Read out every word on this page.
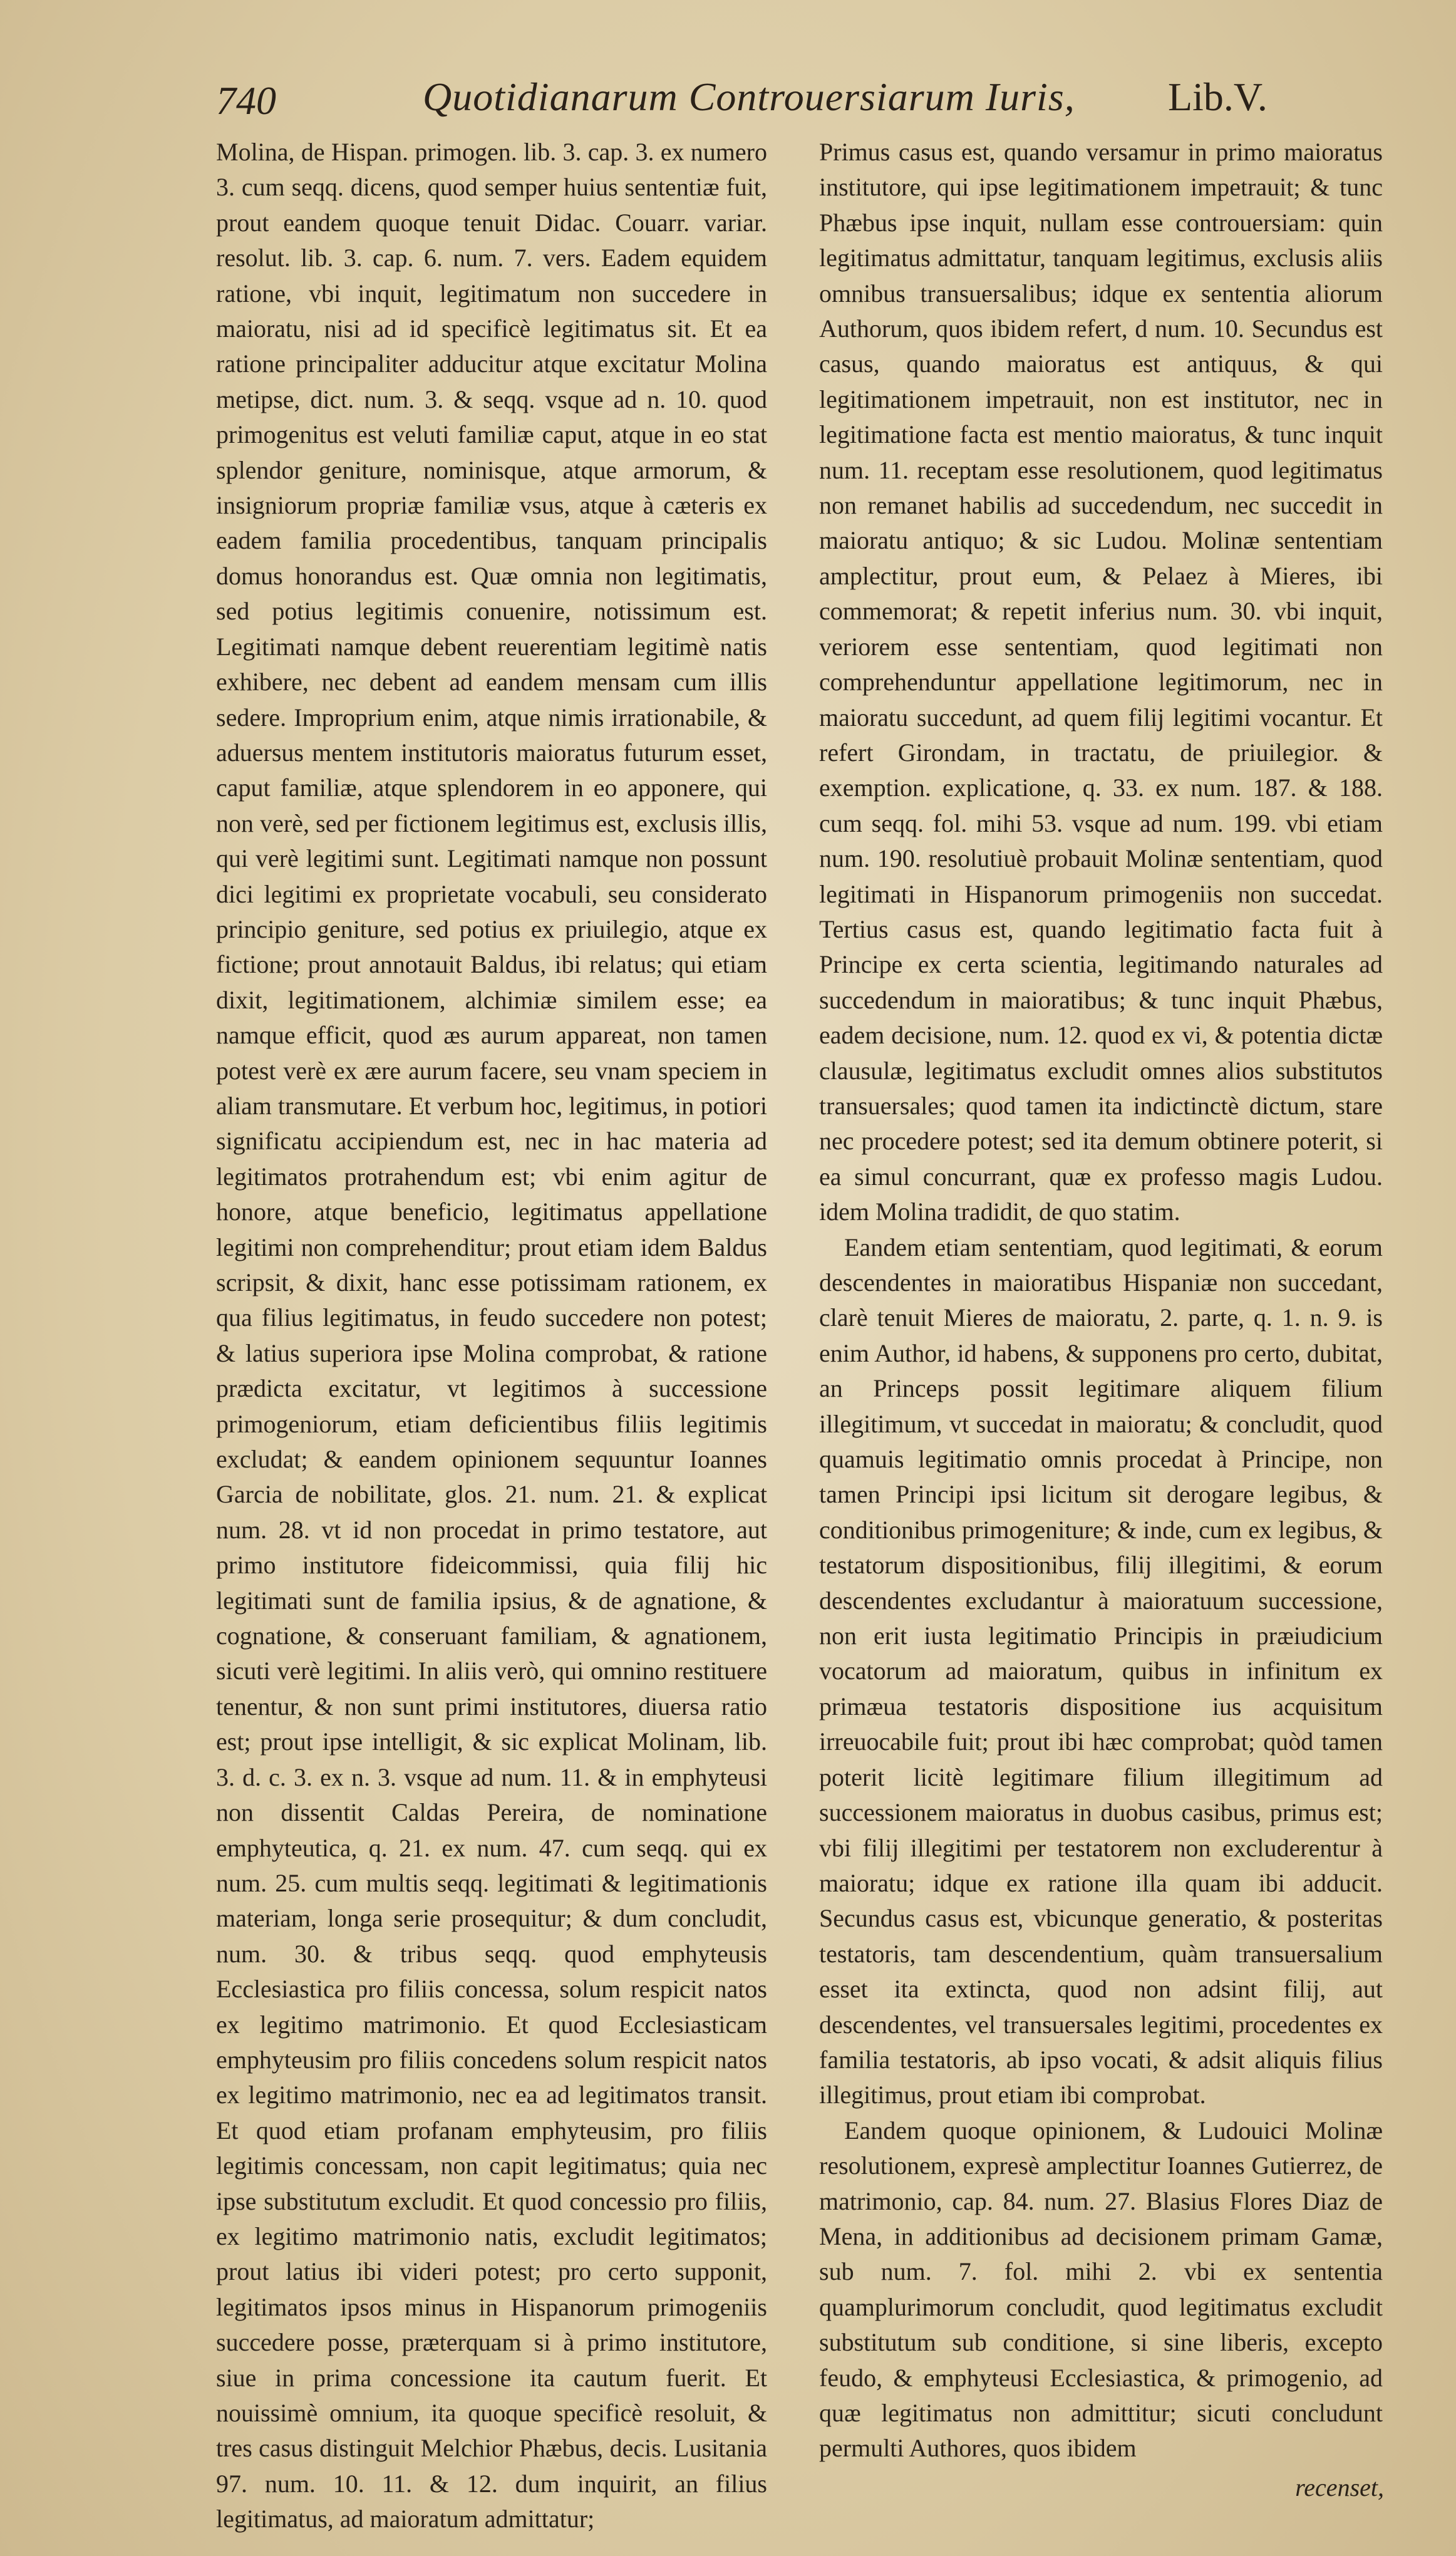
740	Quotidianarum Controuersiarum Iuris, Lib.V.

Molina, de Hispan. primogen. lib. 3. cap. 3. ex numero 3. cum seqq. dicens, quod semper huius sententiæ fuit, prout eandem quoque tenuit Didac. Couarr. variar. resolut. lib. 3. cap. 6. num. 7. vers. Eadem equidem ratione, vbi inquit, legitimatum non succedere in maioratu, nisi ad id specificè legitimatus sit. Et ea ratione principaliter adducitur atque excitatur Molina metipse, dict. num. 3. & seqq. vsque ad n. 10. quod primogenitus est veluti familiæ caput, atque in eo stat splendor geniture, nominisque, atque armorum, & insigniorum propriæ familiæ vsus, atque à cæteris ex eadem familia procedentibus, tanquam principalis domus honorandus est. Quæ omnia non legitimatis, sed potius legitimis conuenire, notissimum est. Legitimati namque debent reuerentiam legitimè natis exhibere, nec debent ad eandem mensam cum illis sedere. Improprium enim, atque nimis irrationabile, & aduersus mentem institutoris maioratus futurum esset, caput familiæ, atque splendorem in eo apponere, qui non verè, sed per fictionem legitimus est, exclusis illis, qui verè legitimi sunt. Legitimati namque non possunt dici legitimi ex proprietate vocabuli, seu considerato principio geniture, sed potius ex priuilegio, atque ex fictione; prout annotauit Baldus, ibi relatus; qui etiam dixit, legitimationem, alchimiæ similem esse; ea namque efficit, quod æs aurum appareat, non tamen potest verè ex ære aurum facere, seu vnam speciem in aliam transmutare. Et verbum hoc, legitimus, in potiori significatu accipiendum est, nec in hac materia ad legitimatos protrahendum est; vbi enim agitur de honore, atque beneficio, legitimatus appellatione legitimi non comprehenditur; prout etiam idem Baldus scripsit, & dixit, hanc esse potissimam rationem, ex qua filius legitimatus, in feudo succedere non potest; & latius superiora ipse Molina comprobat, & ratione prædicta excitatur, vt legitimos à successione primogeniorum, etiam deficientibus filiis legitimis excludat; & eandem opinionem sequuntur Ioannes Garcia de nobilitate, glos. 21. num. 21. & explicat num. 28. vt id non procedat in primo testatore, aut primo institutore fideicommissi, quia filij hic legitimati sunt de familia ipsius, & de agnatione, & cognatione, & conseruant familiam, & agnationem, sicuti verè legitimi. In aliis verò, qui omnino restituere tenentur, & non sunt primi institutores, diuersa ratio est; prout ipse intelligit, & sic explicat Molinam, lib. 3. d. c. 3. ex n. 3. vsque ad num. 11. & in emphyteusi non dissentit Caldas Pereira, de nominatione emphyteutica, q. 21. ex num. 47. cum seqq. qui ex num. 25. cum multis seqq. legitimati & legitimationis materiam, longa serie prosequitur; & dum concludit, num. 30. & tribus seqq. quod emphyteusis Ecclesiastica pro filiis concessa, solum respicit natos ex legitimo matrimonio. Et quod Ecclesiasticam emphyteusim pro filiis concedens solum respicit natos ex legitimo matrimonio, nec ea ad legitimatos transit. Et quod etiam profanam emphyteusim, pro filiis legitimis concessam, non capit legitimatus; quia nec ipse substitutum excludit. Et quod concessio pro filiis, ex legitimo matrimonio natis, excludit legitimatos; prout latius ibi videri potest; pro certo supponit, legitimatos ipsos minus in Hispanorum primogeniis succedere posse, præterquam si à primo institutore, siue in prima concessione ita cautum fuerit. Et nouissimè omnium, ita quoque specificè resoluit, & tres casus distinguit Melchior Phæbus, decis. Lusitania 97. num. 10. 11. & 12. dum inquirit, an filius legitimatus, ad maioratum admittatur;

Primus casus est, quando versamur in primo maioratus institutore, qui ipse legitimationem impetrauit; & tunc Phæbus ipse inquit, nullam esse controuersiam: quin legitimatus admittatur, tanquam legitimus, exclusis aliis omnibus transuersalibus; idque ex sententia aliorum Authorum, quos ibidem refert, d num. 10. Secundus est casus, quando maioratus est antiquus, & qui legitimationem impetrauit, non est institutor, nec in legitimatione facta est mentio maioratus, & tunc inquit num. 11. receptam esse resolutionem, quod legitimatus non remanet habilis ad succedendum, nec succedit in maioratu antiquo; & sic Ludou. Molinæ sententiam amplectitur, prout eum, & Pelaez à Mieres, ibi commemorat; & repetit inferius num. 30. vbi inquit, veriorem esse sententiam, quod legitimati non comprehenduntur appellatione legitimorum, nec in maioratu succedunt, ad quem filij legitimi vocantur. Et refert Girondam, in tractatu, de priuilegior. & exemption. explicatione, q. 33. ex num. 187. & 188. cum seqq. fol. mihi 53. vsque ad num. 199. vbi etiam num. 190. resolutiuè probauit Molinæ sententiam, quod legitimati in Hispanorum primogeniis non succedat. Tertius casus est, quando legitimatio facta fuit à Principe ex certa scientia, legitimando naturales ad succedendum in maioratibus; & tunc inquit Phæbus, eadem decisione, num. 12. quod ex vi, & potentia dictæ clausulæ, legitimatus excludit omnes alios substitutos transuersales; quod tamen ita indictinctè dictum, stare nec procedere potest; sed ita demum obtinere poterit, si ea simul concurrant, quæ ex professo magis Ludou. idem Molina tradidit, de quo statim.

Eandem etiam sententiam, quod legitimati, & eorum descendentes in maioratibus Hispaniæ non succedant, clarè tenuit Mieres de maioratu, 2. parte, q. 1. n. 9. is enim Author, id habens, & supponens pro certo, dubitat, an Princeps possit legitimare aliquem filium illegitimum, vt succedat in maioratu; & concludit, quod quamuis legitimatio omnis procedat à Principe, non tamen Principi ipsi licitum sit derogare legibus, & conditionibus primogeniture; & inde, cum ex legibus, & testatorum dispositionibus, filij illegitimi, & eorum descendentes excludantur à maioratuum successione, non erit iusta legitimatio Principis in præiudicium vocatorum ad maioratum, quibus in infinitum ex primæua testatoris dispositione ius acquisitum irreuocabile fuit; prout ibi hæc comprobat; quòd tamen poterit licitè legitimare filium illegitimum ad successionem maioratus in duobus casibus, primus est; vbi filij illegitimi per testatorem non excluderentur à maioratu; idque ex ratione illa quam ibi adducit. Secundus casus est, vbicunque generatio, & posteritas testatoris, tam descendentium, quàm transuersalium esset ita extincta, quod non adsint filij, aut descendentes, vel transuersales legitimi, procedentes ex familia testatoris, ab ipso vocati, & adsit aliquis filius illegitimus, prout etiam ibi comprobat.

Eandem quoque opinionem, & Ludouici Molinæ resolutionem, expresè amplectitur Ioannes Gutierrez, de matrimonio, cap. 84. num. 27. Blasius Flores Diaz de Mena, in additionibus ad decisionem primam Gamæ, sub num. 7. fol. mihi 2. vbi ex sententia quamplurimorum concludit, quod legitimatus excludit substitutum sub conditione, si sine liberis, excepto feudo, & emphyteusi Ecclesiastica, & primogenio, ad quæ legitimatus non admittitur; sicuti concludunt permulti Authores, quos ibidem

recenset,
